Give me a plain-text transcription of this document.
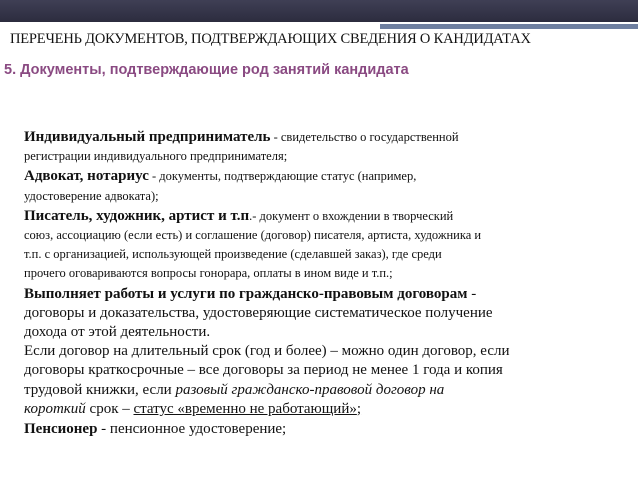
ПЕРЕЧЕНЬ ДОКУМЕНТОВ, ПОДТВЕРЖДАЮЩИХ СВЕДЕНИЯ О КАНДИДАТАХ
5. Документы, подтверждающие род занятий кандидата
Индивидуальный предприниматель - свидетельство о государственной
регистрации индивидуального предпринимателя;
Адвокат, нотариус - документы, подтверждающие статус (например,
удостоверение адвоката);
Писатель, художник, артист и т.п.- документ о вхождении в творческий
союз, ассоциацию (если есть) и соглашение (договор) писателя, артиста, художника и
т.п. с организацией, использующей произведение (сделавшей заказ), где среди
прочего оговариваются вопросы гонорара, оплаты в ином виде и т.п.;
Выполняет работы и услуги по гражданско-правовым договорам -
договоры и доказательства, удостоверяющие систематическое получение
дохода от этой деятельности.
Если договор на длительный срок (год и более) – можно один договор, если
договоры краткосрочные – все договоры за период не менее 1 года и копия
трудовой книжки, если разовый гражданско-правовой договор на
короткий срок – статус «временно не работающий»;
Пенсионер - пенсионное удостоверение;
